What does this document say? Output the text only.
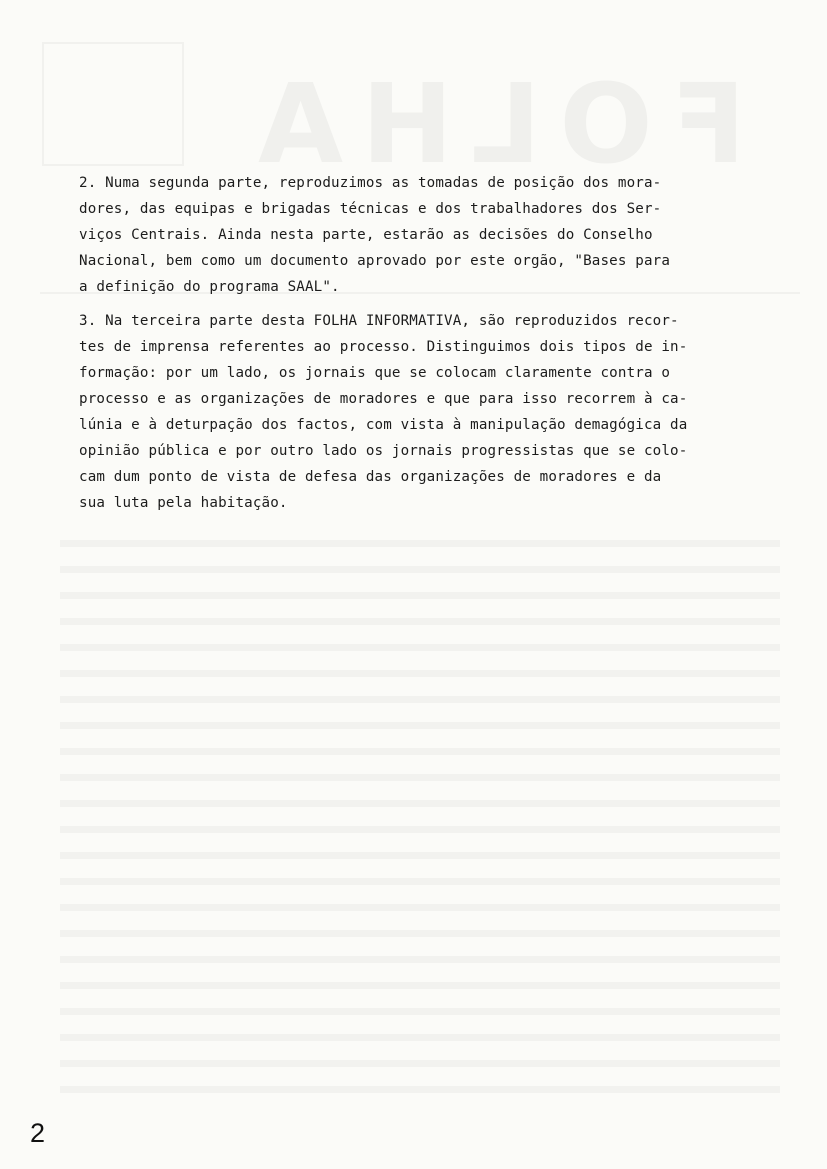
2. Numa segunda parte, reproduzimos as tomadas de posição dos mora-
dores, das equipas e brigadas técnicas e dos trabalhadores dos Ser-
viços Centrais. Ainda nesta parte, estarão as decisões do Conselho
Nacional, bem como um documento aprovado por este orgão, "Bases para
a definição do programa SAAL".
3. Na terceira parte desta FOLHA INFORMATIVA, são reproduzidos recor-
tes de imprensa referentes ao processo. Distinguimos dois tipos de in-
formação: por um lado, os jornais que se colocam claramente contra o
processo e as organizações de moradores e que para isso recorrem à ca-
lúnia e à deturpação dos factos, com vista à manipulação demagógica da
opinião pública e por outro lado os jornais progressistas que se colo-
cam dum ponto de vista de defesa das organizações de moradores e da
sua luta pela habitação.
2
